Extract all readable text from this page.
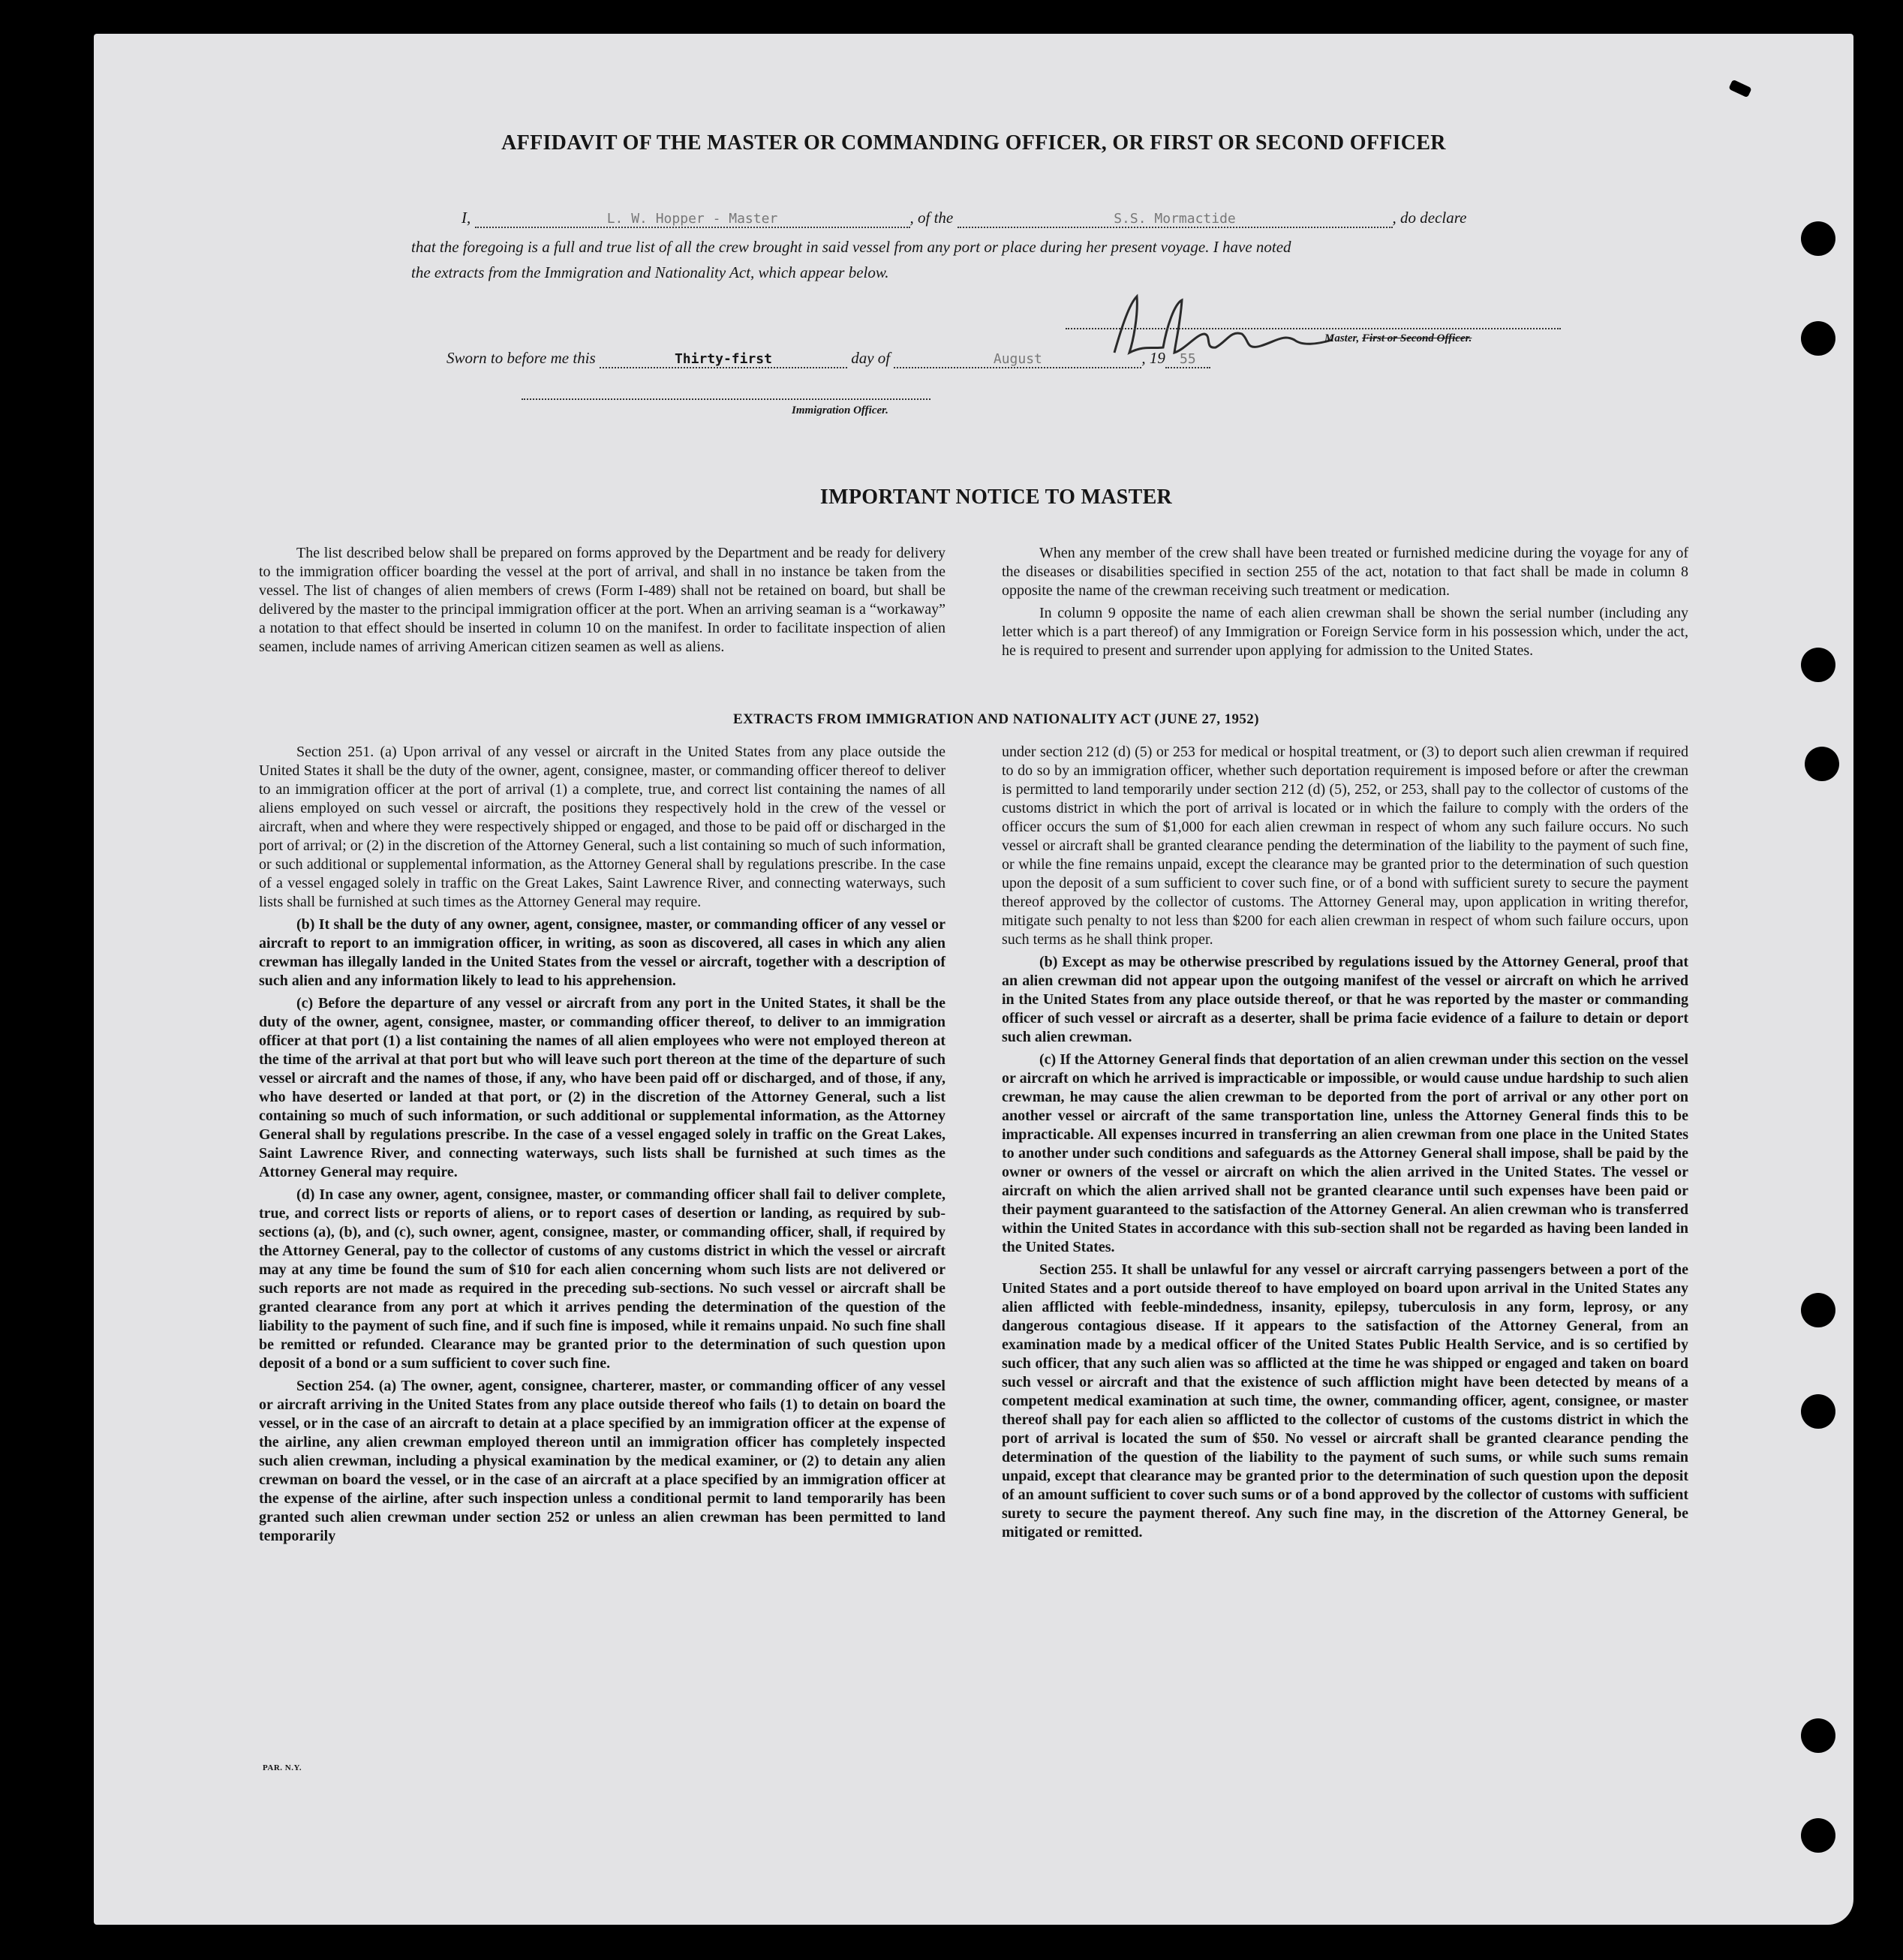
AFFIDAVIT OF THE MASTER OR COMMANDING OFFICER, OR FIRST OR SECOND OFFICER
I,	L. W. Hopper - Master	, of the	S.S. Mormactide	, do declare
that the foregoing is a full and true list of all the crew brought in said vessel from any port or place during her present voyage. I have noted
the extracts from the Immigration and Nationality Act, which appear below.
Master, First or Second Officer.
Sworn to before me this	Thirty-first	day of	August	, 19 55
Immigration Officer.
IMPORTANT NOTICE TO MASTER

The list described below shall be prepared on forms approved by the Department and be ready for delivery to the immigration officer boarding the vessel at the port of arrival, and shall in no instance be taken from the vessel. The list of changes of alien members of crews (Form I-489) shall not be retained on board, but shall be delivered by the master to the principal immigration officer at the port. When an arriving seaman is a “workaway” a notation to that effect should be inserted in column 10 on the manifest. In order to facilitate inspection of alien seamen, include names of arriving American citizen seamen as well as aliens.

When any member of the crew shall have been treated or furnished medicine during the voyage for any of the diseases or disabilities specified in section 255 of the act, notation to that fact shall be made in column 8 opposite the name of the crewman receiving such treatment or medication.

In column 9 opposite the name of each alien crewman shall be shown the serial number (including any letter which is a part thereof) of any Immigration or Foreign Service form in his possession which, under the act, he is required to present and surrender upon applying for admission to the United States.

EXTRACTS FROM IMMIGRATION AND NATIONALITY ACT (JUNE 27, 1952)

Section 251. (a) Upon arrival of any vessel or aircraft in the United States from any place outside the United States it shall be the duty of the owner, agent, consignee, master, or commanding officer thereof to deliver to an immigration officer at the port of arrival (1) a complete, true, and correct list containing the names of all aliens employed on such vessel or aircraft, the positions they respectively hold in the crew of the vessel or aircraft, when and where they were respectively shipped or engaged, and those to be paid off or discharged in the port of arrival; or (2) in the discretion of the Attorney General, such a list containing so much of such information, or such additional or supplemental information, as the Attorney General shall by regulations prescribe. In the case of a vessel engaged solely in traffic on the Great Lakes, Saint Lawrence River, and connecting waterways, such lists shall be furnished at such times as the Attorney General may require.

(b) It shall be the duty of any owner, agent, consignee, master, or commanding officer of any vessel or aircraft to report to an immigration officer, in writing, as soon as discovered, all cases in which any alien crewman has illegally landed in the United States from the vessel or aircraft, together with a description of such alien and any information likely to lead to his apprehension.

(c) Before the departure of any vessel or aircraft from any port in the United States, it shall be the duty of the owner, agent, consignee, master, or commanding officer thereof, to deliver to an immigration officer at that port (1) a list containing the names of all alien employees who were not employed thereon at the time of the arrival at that port but who will leave such port thereon at the time of the departure of such vessel or aircraft and the names of those, if any, who have been paid off or discharged, and of those, if any, who have deserted or landed at that port, or (2) in the discretion of the Attorney General, such a list containing so much of such information, or such additional or supplemental information, as the Attorney General shall by regulations prescribe. In the case of a vessel engaged solely in traffic on the Great Lakes, Saint Lawrence River, and connecting waterways, such lists shall be furnished at such times as the Attorney General may require.

(d) In case any owner, agent, consignee, master, or commanding officer shall fail to deliver complete, true, and correct lists or reports of aliens, or to report cases of desertion or landing, as required by sub-sections (a), (b), and (c), such owner, agent, consignee, master, or commanding officer, shall, if required by the Attorney General, pay to the collector of customs of any customs district in which the vessel or aircraft may at any time be found the sum of $10 for each alien concerning whom such lists are not delivered or such reports are not made as required in the preceding sub-sections. No such vessel or aircraft shall be granted clearance from any port at which it arrives pending the determination of the question of the liability to the payment of such fine, and if such fine is imposed, while it remains unpaid. No such fine shall be remitted or refunded. Clearance may be granted prior to the determination of such question upon deposit of a bond or a sum sufficient to cover such fine.

Section 254. (a) The owner, agent, consignee, charterer, master, or commanding officer of any vessel or aircraft arriving in the United States from any place outside thereof who fails (1) to detain on board the vessel, or in the case of an aircraft to detain at a place specified by an immigration officer at the expense of the airline, any alien crewman employed thereon until an immigration officer has completely inspected such alien crewman, including a physical examination by the medical examiner, or (2) to detain any alien crewman on board the vessel, or in the case of an aircraft at a place specified by an immigration officer at the expense of the airline, after such inspection unless a conditional permit to land temporarily has been granted such alien crewman under section 252 or unless an alien crewman has been permitted to land temporarily

under section 212 (d) (5) or 253 for medical or hospital treatment, or (3) to deport such alien crewman if required to do so by an immigration officer, whether such deportation requirement is imposed before or after the crewman is permitted to land temporarily under section 212 (d) (5), 252, or 253, shall pay to the collector of customs of the customs district in which the port of arrival is located or in which the failure to comply with the orders of the officer occurs the sum of $1,000 for each alien crewman in respect of whom any such failure occurs. No such vessel or aircraft shall be granted clearance pending the determination of the liability to the payment of such fine, or while the fine remains unpaid, except the clearance may be granted prior to the determination of such question upon the deposit of a sum sufficient to cover such fine, or of a bond with sufficient surety to secure the payment thereof approved by the collector of customs. The Attorney General may, upon application in writing therefor, mitigate such penalty to not less than $200 for each alien crewman in respect of whom such failure occurs, upon such terms as he shall think proper.

(b) Except as may be otherwise prescribed by regulations issued by the Attorney General, proof that an alien crewman did not appear upon the outgoing manifest of the vessel or aircraft on which he arrived in the United States from any place outside thereof, or that he was reported by the master or commanding officer of such vessel or aircraft as a deserter, shall be prima facie evidence of a failure to detain or deport such alien crewman.

(c) If the Attorney General finds that deportation of an alien crewman under this section on the vessel or aircraft on which he arrived is impracticable or impossible, or would cause undue hardship to such alien crewman, he may cause the alien crewman to be deported from the port of arrival or any other port on another vessel or aircraft of the same transportation line, unless the Attorney General finds this to be impracticable. All expenses incurred in transferring an alien crewman from one place in the United States to another under such conditions and safeguards as the Attorney General shall impose, shall be paid by the owner or owners of the vessel or aircraft on which the alien arrived in the United States. The vessel or aircraft on which the alien arrived shall not be granted clearance until such expenses have been paid or their payment guaranteed to the satisfaction of the Attorney General. An alien crewman who is transferred within the United States in accordance with this sub-section shall not be regarded as having been landed in the United States.

Section 255. It shall be unlawful for any vessel or aircraft carrying passengers between a port of the United States and a port outside thereof to have employed on board upon arrival in the United States any alien afflicted with feeble-mindedness, insanity, epilepsy, tuberculosis in any form, leprosy, or any dangerous contagious disease. If it appears to the satisfaction of the Attorney General, from an examination made by a medical officer of the United States Public Health Service, and is so certified by such officer, that any such alien was so afflicted at the time he was shipped or engaged and taken on board such vessel or aircraft and that the existence of such affliction might have been detected by means of a competent medical examination at such time, the owner, commanding officer, agent, consignee, or master thereof shall pay for each alien so afflicted to the collector of customs of the customs district in which the port of arrival is located the sum of $50. No vessel or aircraft shall be granted clearance pending the determination of the question of the liability to the payment of such sums, or while such sums remain unpaid, except that clearance may be granted prior to the determination of such question upon the deposit of an amount sufficient to cover such sums or of a bond approved by the collector of customs with sufficient surety to secure the payment thereof. Any such fine may, in the discretion of the Attorney General, be mitigated or remitted.

PAR. N.Y.
